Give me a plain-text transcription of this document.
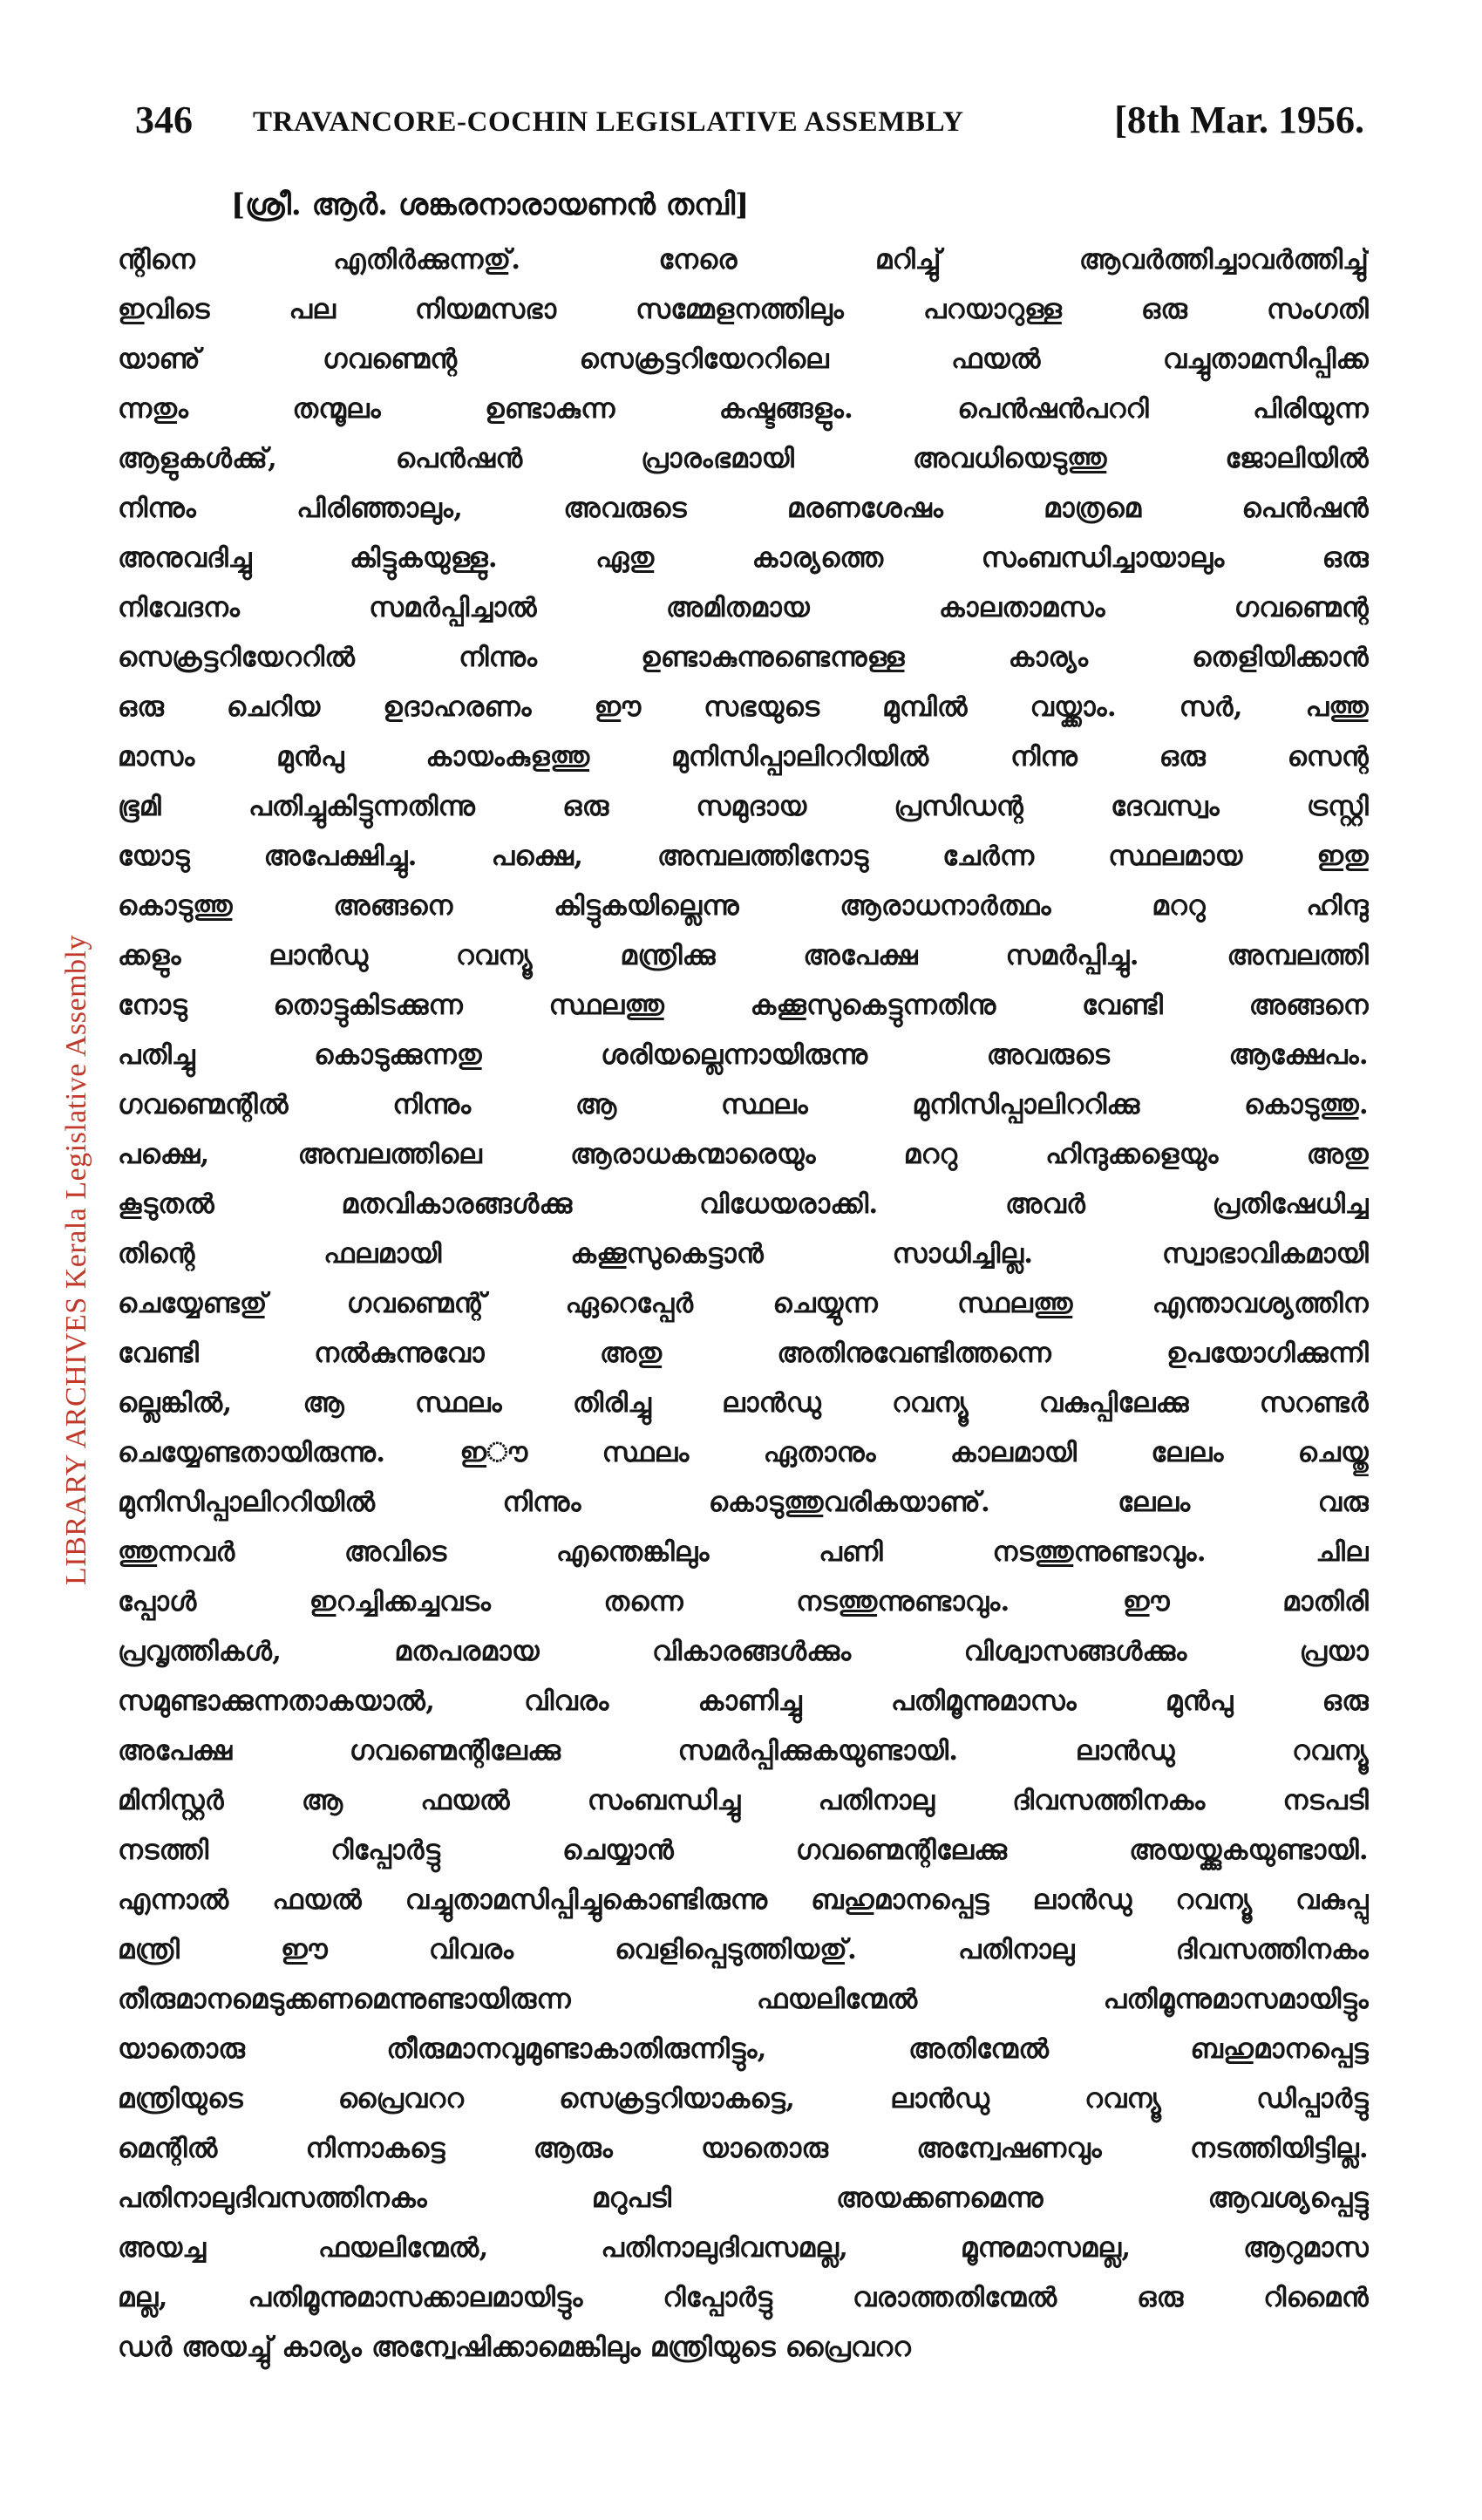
LIBRARY ARCHIVES Kerala Legislative Assembly
346 TRAVANCORE-COCHIN LEGISLATIVE ASSEMBLY	[8th Mar. 1956.
[ശ്രീ. ആർ. ശങ്കരനാരായണൻ തമ്പി]
ന്റിനെ എതിർക്കുന്നതു്. നേരെ മറിച്ചു് ആവർത്തിച്ചാവർത്തിച്ചു്
ഇവിടെ പല നിയമസഭാ സമ്മേളനത്തിലും പറയാറുള്ള ഒരു സംഗതി
യാണു് ഗവണ്മെന്റ സെക്രട്ടറിയേററിലെ ഫയൽ വച്ചുതാമസിപ്പിക്ക
ന്നതും തന്മൂലം ഉണ്ടാകുന്ന കഷ്ടങ്ങളും. പെൻഷൻപററി പിരിയുന്ന
ആളുകൾക്കു്, പെൻഷൻ പ്രാരംഭമായി അവധിയെടുത്തു ജോലിയിൽ
നിന്നും പിരിഞ്ഞാലും, അവരുടെ മരണശേഷം മാത്രമെ പെൻഷൻ
അനുവദിച്ചു കിട്ടുകയുള്ളു. ഏതു കാര്യത്തെ സംബന്ധിച്ചായാലും ഒരു
നിവേദനം സമർപ്പിച്ചാൽ അമിതമായ കാലതാമസം ഗവണ്മെന്റ
സെക്രട്ടറിയേററിൽ നിന്നും ഉണ്ടാകുന്നുണ്ടെന്നുള്ള കാര്യം തെളിയിക്കാൻ
ഒരു ചെറിയ ഉദാഹരണം ഈ സഭയുടെ മുമ്പിൽ വയ്ക്കാം. സർ, പത്തു
മാസം മുൻപു കായംകുളത്തു മുനിസിപ്പാലിററിയിൽ നിന്നു ഒരു സെന്റ
ഭൂമി പതിച്ചുകിട്ടുന്നതിന്നു ഒരു സമുദായ പ്രസിഡന്റ ദേവസ്വം ട്രസ്റ്റി
യോടു അപേക്ഷിച്ചു. പക്ഷെ, അമ്പലത്തിനോടു ചേർന്ന സ്ഥലമായ ഇതു
കൊടുത്തു അങ്ങനെ കിട്ടുകയില്ലെന്നു ആരാധനാർത്ഥം മററു ഹിന്ദു
ക്കളും ലാൻഡു റവന്യൂ മന്ത്രിക്കു അപേക്ഷ സമർപ്പിച്ചു. അമ്പലത്തി
നോടു തൊട്ടുകിടക്കുന്ന സ്ഥലത്തു കക്കൂസുകെട്ടുന്നതിനു വേണ്ടി അങ്ങനെ
പതിച്ചു കൊടുക്കുന്നതു ശരിയല്ലെന്നായിരുന്നു അവരുടെ ആക്ഷേപം.
ഗവണ്മെന്റിൽ നിന്നും ആ സ്ഥലം മുനിസിപ്പാലിററിക്കു കൊടുത്തു.
പക്ഷെ, അമ്പലത്തിലെ ആരാധകന്മാരെയും മററു ഹിന്ദുക്കളെയും അതു
കൂടുതൽ മതവികാരങ്ങൾക്കു വിധേയരാക്കി. അവർ പ്രതിഷേധിച്ച
തിന്റെ ഫലമായി കക്കൂസുകെട്ടാൻ സാധിച്ചില്ല. സ്വാഭാവികമായി
ചെയ്യേണ്ടതു് ഗവണ്മെന്റ് ഏറെപ്പേർ ചെയ്യുന്ന സ്ഥലത്തു എന്താവശ്യത്തിന
വേണ്ടി നൽകുന്നുവോ അതു അതിനുവേണ്ടിത്തന്നെ ഉപയോഗിക്കുന്നി
ല്ലെങ്കിൽ, ആ സ്ഥലം തിരിച്ചു ലാൻഡു റവന്യൂ വകുപ്പിലേക്കു സറണ്ടർ
ചെയ്യേണ്ടതായിരുന്നു. ഇൗ സ്ഥലം ഏതാനും കാലമായി ലേലം ചെയ്തു
മുനിസിപ്പാലിററിയിൽ നിന്നും കൊടുത്തുവരികയാണു്. ലേലം വരു
ത്തുന്നവർ അവിടെ എന്തെങ്കിലും പണി നടത്തുന്നുണ്ടാവും. ചില
പ്പോൾ ഇറച്ചിക്കച്ചവടം തന്നെ നടത്തുന്നുണ്ടാവും. ഈ മാതിരി
പ്രവൃത്തികൾ, മതപരമായ വികാരങ്ങൾക്കും വിശ്വാസങ്ങൾക്കും പ്രയാ
സമുണ്ടാക്കുന്നതാകയാൽ, വിവരം കാണിച്ചു പതിമൂന്നുമാസം മുൻപു ഒരു
അപേക്ഷ ഗവണ്മെന്റിലേക്കു സമർപ്പിക്കുകയുണ്ടായി. ലാൻഡു റവന്യൂ
മിനിസ്റ്റർ ആ ഫയൽ സംബന്ധിച്ചു പതിനാലു ദിവസത്തിനകം നടപടി
നടത്തി റിപ്പോർട്ടു ചെയ്യാൻ ഗവണ്മെന്റിലേക്കു അയയ്ക്കുകയുണ്ടായി.
എന്നാൽ ഫയൽ വച്ചുതാമസിപ്പിച്ചുകൊണ്ടിരുന്നു ബഹുമാനപ്പെട്ട ലാൻഡു റവന്യൂ വകുപ്പു
മന്ത്രി ഈ വിവരം വെളിപ്പെടുത്തിയതു്. പതിനാലു ദിവസത്തിനകം
തീരുമാനമെടുക്കണമെന്നുണ്ടായിരുന്ന ഫയലിന്മേൽ പതിമൂന്നുമാസമായിട്ടും
യാതൊരു തീരുമാനവുമുണ്ടാകാതിരുന്നിട്ടും, അതിന്മേൽ ബഹുമാനപ്പെട്ട
മന്ത്രിയുടെ പ്രൈവററ സെക്രട്ടറിയാകട്ടെ, ലാൻഡു റവന്യൂ ഡിപ്പാർട്ടു
മെന്റിൽ നിന്നാകട്ടെ ആരും യാതൊരു അന്വേഷണവും നടത്തിയിട്ടില്ല.
പതിനാലുദിവസത്തിനകം മറുപടി അയക്കണമെന്നു ആവശ്യപ്പെട്ടു
അയച്ച ഫയലിന്മേൽ, പതിനാലുദിവസമല്ല, മൂന്നുമാസമല്ല, ആറുമാസ
മല്ല, പതിമൂന്നുമാസക്കാലമായിട്ടും റിപ്പോർട്ടു വരാത്തതിന്മേൽ ഒരു റിമൈൻ
ഡർ അയച്ചു് കാര്യം അന്വേഷിക്കാമെങ്കിലും മന്ത്രിയുടെ പ്രൈവററ
